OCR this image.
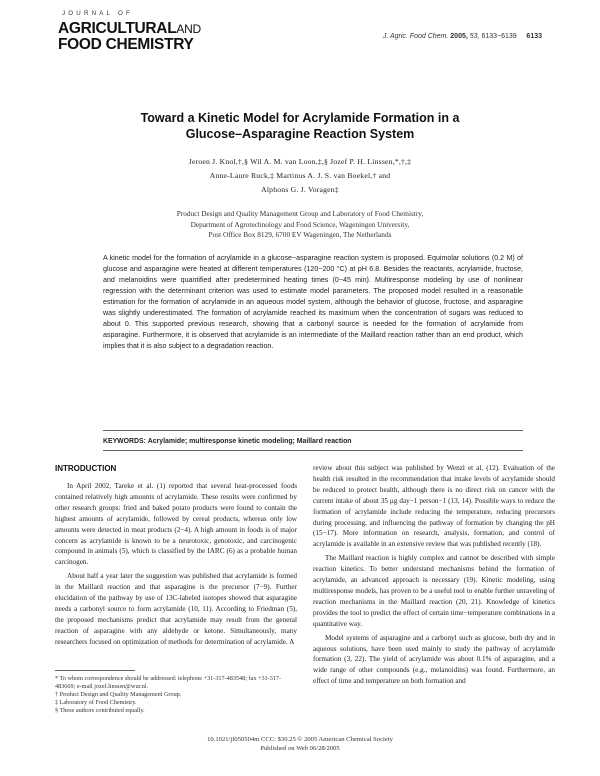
JOURNAL OF
AGRICULTURALAND
FOOD CHEMISTRY	J. Agric. Food Chem. 2005, 53, 6133−6139 6133
Toward a Kinetic Model for Acrylamide Formation in a
Glucose–Asparagine Reaction System
Jeroen J. Knol,†,§ Wil A. M. van Loon,‡,§ Jozef P. H. Linssen,*,†,‡
Anne-Laure Ruck,‡ Martinus A. J. S. van Boekel,† and
Alphons G. J. Voragen‡
Product Design and Quality Management Group and Laboratory of Food Chemistry,
Department of Agrotechnology and Food Science, Wageningen University,
Post Office Box 8129, 6700 EV Wageningen, The Netherlands
A kinetic model for the formation of acrylamide in a glucose−asparagine reaction system is proposed. Equimolar solutions (0.2 M) of glucose and asparagine were heated at different temperatures (120−200 °C) at pH 6.8. Besides the reactants, acrylamide, fructose, and melanoidins were quantified after predetermined heating times (0−45 min). Multiresponse modeling by use of nonlinear regression with the determinant criterion was used to estimate model parameters. The proposed model resulted in a reasonable estimation for the formation of acrylamide in an aqueous model system, although the behavior of glucose, fructose, and asparagine was slightly underestimated. The formation of acrylamide reached its maximum when the concentration of sugars was reduced to about 0. This supported previous research, showing that a carbonyl source is needed for the formation of acrylamide from asparagine. Furthermore, it is observed that acrylamide is an intermediate of the Maillard reaction rather than an end product, which implies that it is also subject to a degradation reaction.
KEYWORDS: Acrylamide; multiresponse kinetic modeling; Maillard reaction
INTRODUCTION

In April 2002, Tareke et al. (1) reported that several heat-processed foods contained relatively high amounts of acrylamide. These results were confirmed by other research groups: fried and baked potato products were found to contain the highest amounts of acrylamide, followed by cereal products, whereas only low amounts were detected in meat products (2−4). A high amount in foods is of major concern as acrylamide is known to be a neurotoxic, genotoxic, and carcinogenic compound in animals (5), which is classified by the IARC (6) as a probable human carcinogen.

About half a year later the suggestion was published that acrylamide is formed in the Maillard reaction and that asparagine is the precursor (7−9). Further elucidation of the pathway by use of 13C-labeled isotopes showed that asparagine needs a carbonyl source to form acrylamide (10, 11). According to Friedman (5), the proposed mechanisms predict that acrylamide may result from the general reaction of asparagine with any aldehyde or ketone. Simultaneously, many researchers focused on optimization of methods for determination of acrylamide. A

review about this subject was published by Wenzl et al. (12). Evaluation of the health risk resulted in the recommendation that intake levels of acrylamide should be reduced to protect health, although there is no direct risk on cancer with the current intake of about 35 μg day−1 person−1 (13, 14). Possible ways to reduce the formation of acrylamide include reducing the temperature, reducing precursors during processing, and influencing the pathway of formation by changing the pH (15−17). More information on research, analysis, formation, and control of acrylamide is available in an extensive review that was published recently (18).

The Maillard reaction is highly complex and cannot be described with simple reaction kinetics. To better understand mechanisms behind the formation of acrylamide, an advanced approach is necessary (19). Kinetic modeling, using multiresponse models, has proven to be a useful tool to enable further unraveling of reaction mechanisms in the Maillard reaction (20, 21). Knowledge of kinetics provides the tool to predict the effect of certain time−temperature combinations in a quantitative way.

Model systems of asparagine and a carbonyl such as glucose, both dry and in aqueous solutions, have been used mainly to study the pathway of acrylamide formation (3, 22). The yield of acrylamide was about 0.1% of asparagine, and a wide range of other compounds (e.g., melanoidins) was found. Furthermore, an effect of time and temperature on both formation and

* To whom correspondence should be addressed: telephone +31-317-483548; fax +31-317-483669; e-mail jozef.linssen@wur.nl.
† Product Design and Quality Management Group.
‡ Laboratory of Food Chemistry.
§ These authors contributed equally.
10.1021/jf050504m CCC: $30.25 © 2005 American Chemical Society
Published on Web 06/28/2005
